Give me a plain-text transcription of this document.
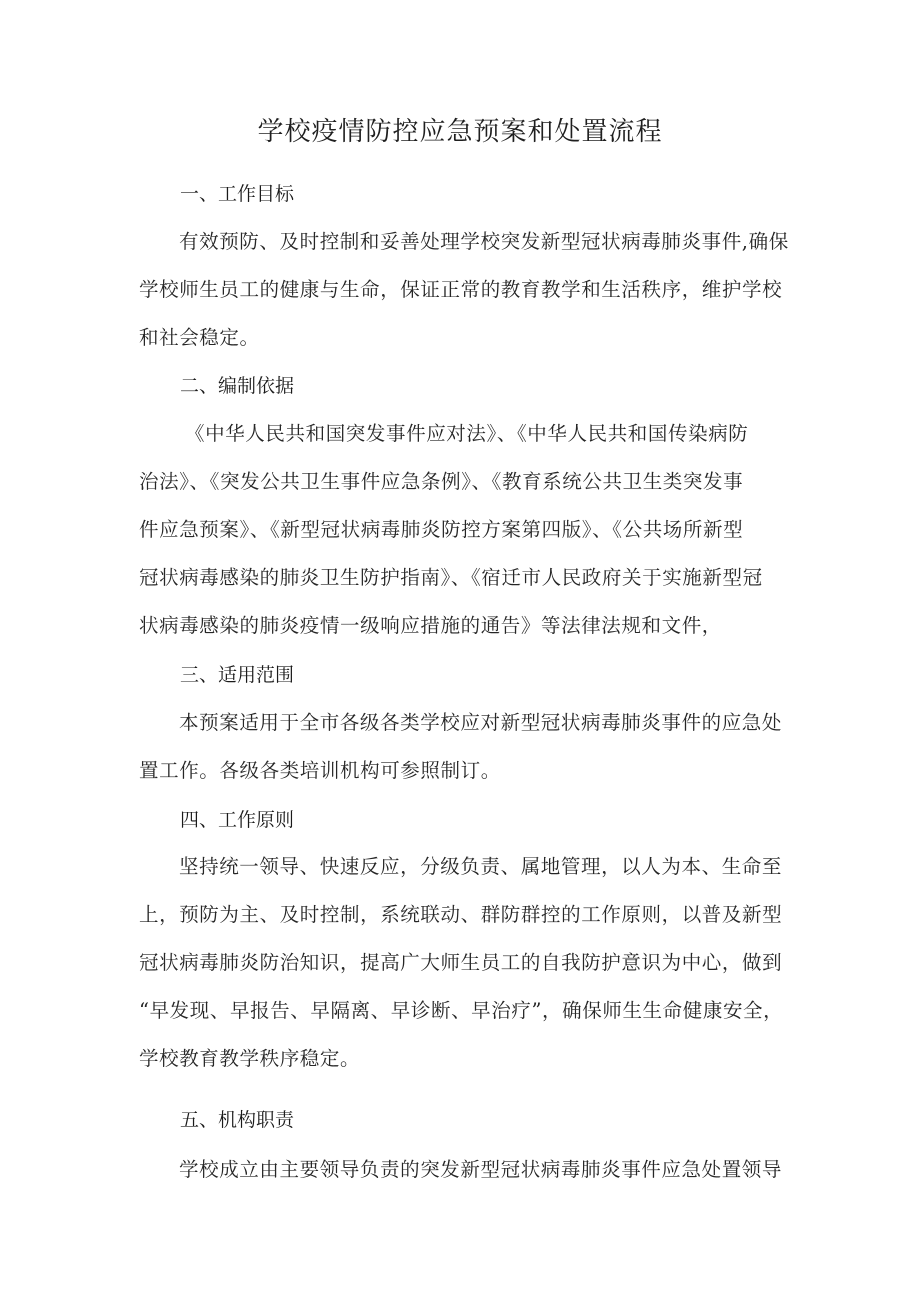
学校疫情防控应急预案和处置流程
一、工作目标
有效预防、及时控制和妥善处理学校突发新型冠状病毒肺炎事件,确保
学校师生员工的健康与生命，保证正常的教育教学和生活秩序，维护学校
和社会稳定。
二、编制依据
《中华人民共和国突发事件应对法》、《中华人民共和国传染病防
治法》、《突发公共卫生事件应急条例》、《教育系统公共卫生类突发事
件应急预案》、《新型冠状病毒肺炎防控方案第四版》、《公共场所新型
冠状病毒感染的肺炎卫生防护指南》、《宿迁市人民政府关于实施新型冠
状病毒感染的肺炎疫情一级响应措施的通告》等法律法规和文件，
三、适用范围
本预案适用于全市各级各类学校应对新型冠状病毒肺炎事件的应急处
置工作。各级各类培训机构可参照制订。
四、工作原则
坚持统一领导、快速反应，分级负责、属地管理，以人为本、生命至
上，预防为主、及时控制，系统联动、群防群控的工作原则，以普及新型
冠状病毒肺炎防治知识，提高广大师生员工的自我防护意识为中心，做到
“早发现、早报告、早隔离、早诊断、早治疗”，确保师生生命健康安全，
学校教育教学秩序稳定。
五、机构职责
学校成立由主要领导负责的突发新型冠状病毒肺炎事件应急处置领导
